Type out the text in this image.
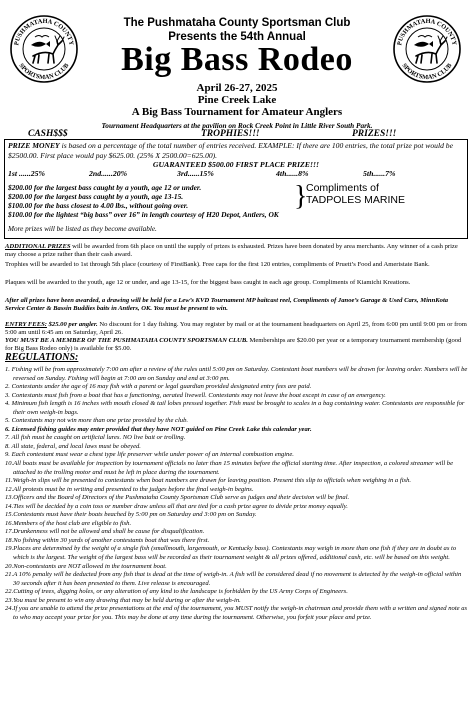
PUSHMATAHA COUNTY
SPORTSMAN CLUB
PUSHMATAHA COUNTY
SPORTSMAN CLUB
The Pushmataha County Sportsman Club
Presents the 54th Annual
Big Bass Rodeo
April 26-27, 2025
Pine Creek Lake
A Big Bass Tournament for Amateur Anglers
Tournament Headquarters at the pavilion on Rock Creek Point in Little River South Park.
CASH$$$	TROPHIES!!!	PRIZES!!!

PRIZE MONEY is based on a percentage of the total number of entries received. EXAMPLE: If there are 100 entries, the total prize pot would be $2500.00. First place would pay $625.00. (25% X 2500.00=625.00).

GUARANTEED $500.00 FIRST PLACE PRIZE!!!
1st ......25%	2nd......20%	3rd......15%	4th......8%	5th......7%

$200.00 for the largest bass caught by a youth, age 12 or under.

$200.00 for the largest bass caught by a youth, age 13-15.

$100.00 for the bass closest to 4.00 lbs., without going over.

$100.00 for the lightest “big bass” over 16” in length courtesy of H20 Depot, Antlers, OK

}
Compliments of
TADPOLES MARINE

More prizes will be listed as they become available.

ADDITIONAL PRIZES will be awarded from 6th place on until the supply of prizes is exhausted. Prizes have been donated by area merchants. Any winner of a cash prize may choose a prize rather than their cash award.

Trophies will be awarded to 1st through 5th place (courtesy of FirstBank). Free caps for the first 120 entries, compliments of Pruett’s Food and Ameristate Bank.

Plaques will be awarded to the youth, age 12 or under, and age 13-15, for the biggest bass caught in each age group. Compliments of Kiamichi Kreations.

After all prizes have been awarded, a drawing will be held for a Lew’s KVD Tournament MP baitcast reel, Compliments of Janoe’s Garage & Used Cars, MinnKota Service Center & Bassin Buddies baits in Antlers, OK. You must be present to win.

ENTRY FEES: $25.00 per angler. No discount for 1 day fishing. You may register by mail or at the tournament headquarters on April 25, from 6:00 pm until 9:00 pm or from 5:00 am until 6:45 am on Saturday, April 26.

YOU MUST BE A MEMBER OF THE PUSHMATAHA COUNTY SPORTSMAN CLUB. Memberships are $20.00 per year or a temporary tournament membership (good for Big Bass Rodeo only) is available for $5.00.

REGULATIONS:
1. Fishing will be from approximately 7:00 am after a review of the rules until 5:00 pm on Saturday. Contestant boat numbers will be drawn for leaving order. Numbers will be reversed on Sunday. Fishing will begin at 7:00 am on Sunday and end at 3:00 pm.
2. Contestants under the age of 16 may fish with a parent or legal guardian provided designated entry fees are paid.
3. Contestants must fish from a boat that has a functioning, aerated livewell. Contestants may not leave the boat except in case of an emergency.
4. Minimum fish length is 16 inches with mouth closed & tail lobes pressed together. Fish must be brought to scales in a bag containing water. Contestants are responsible for their own weigh-in bags.
5. Contestants may not win more than one prize provided by the club.
6. Licensed fishing guides may enter provided that they have NOT guided on Pine Creek Lake this calendar year.
7. All fish must be caught on artificial lures. NO live bait or trolling.
8. All state, federal, and local laws must be obeyed.
9. Each contestant must wear a chest type life preserver while under power of an internal combustion engine.
10.All boats must be available for inspection by tournament officials no later than 15 minutes before the official starting time. After inspection, a colored streamer will be attached to the trolling motor and must be left in place during the tournament.
11.Weigh-in slips will be presented to contestants when boat numbers are drawn for leaving position. Present this slip to officials when weighing in a fish.
12.All protests must be in writing and presented to the judges before the final weigh-in begins.
13.Officers and the Board of Directors of the Pushmataha County Sportsman Club serve as judges and their decision will be final.
14.Ties will be decided by a coin toss or number draw unless all that are tied for a cash prize agree to divide prize money equally.
15.Contestants must have their boats beached by 5:00 pm on Saturday and 3:00 pm on Sunday.
16.Members of the host club are eligible to fish.
17.Drunkenness will not be allowed and shall be cause for disqualification.
18.No fishing within 30 yards of another contestants boat that was there first.
19.Places are determined by the weight of a single fish (smallmouth, largemouth, or Kentucky bass). Contestants may weigh in more than one fish if they are in doubt as to which is the largest. The weight of the largest bass will be recorded as their tournament weight & all prizes offered, additional cash, etc. will be based on this weight.
20.Non-contestants are NOT allowed in the tournament boat.
21.A 10% penalty will be deducted from any fish that is dead at the time of weigh-in. A fish will be considered dead if no movement is detected by the weigh-in official within 30 seconds after it has been presented to them. Live release is encouraged.
22.Cutting of trees, digging holes, or any alteration of any kind to the landscape is forbidden by the US Army Corps of Engineers.
23.You must be present to win any drawing that may be held during or after the weigh-in.
24.If you are unable to attend the prize presentations at the end of the tournament, you MUST notify the weigh-in chairman and provide them with a written and signed note as to who may accept your prize for you. This may be done at any time during the tournament. Otherwise, you forfeit your place and prize.
